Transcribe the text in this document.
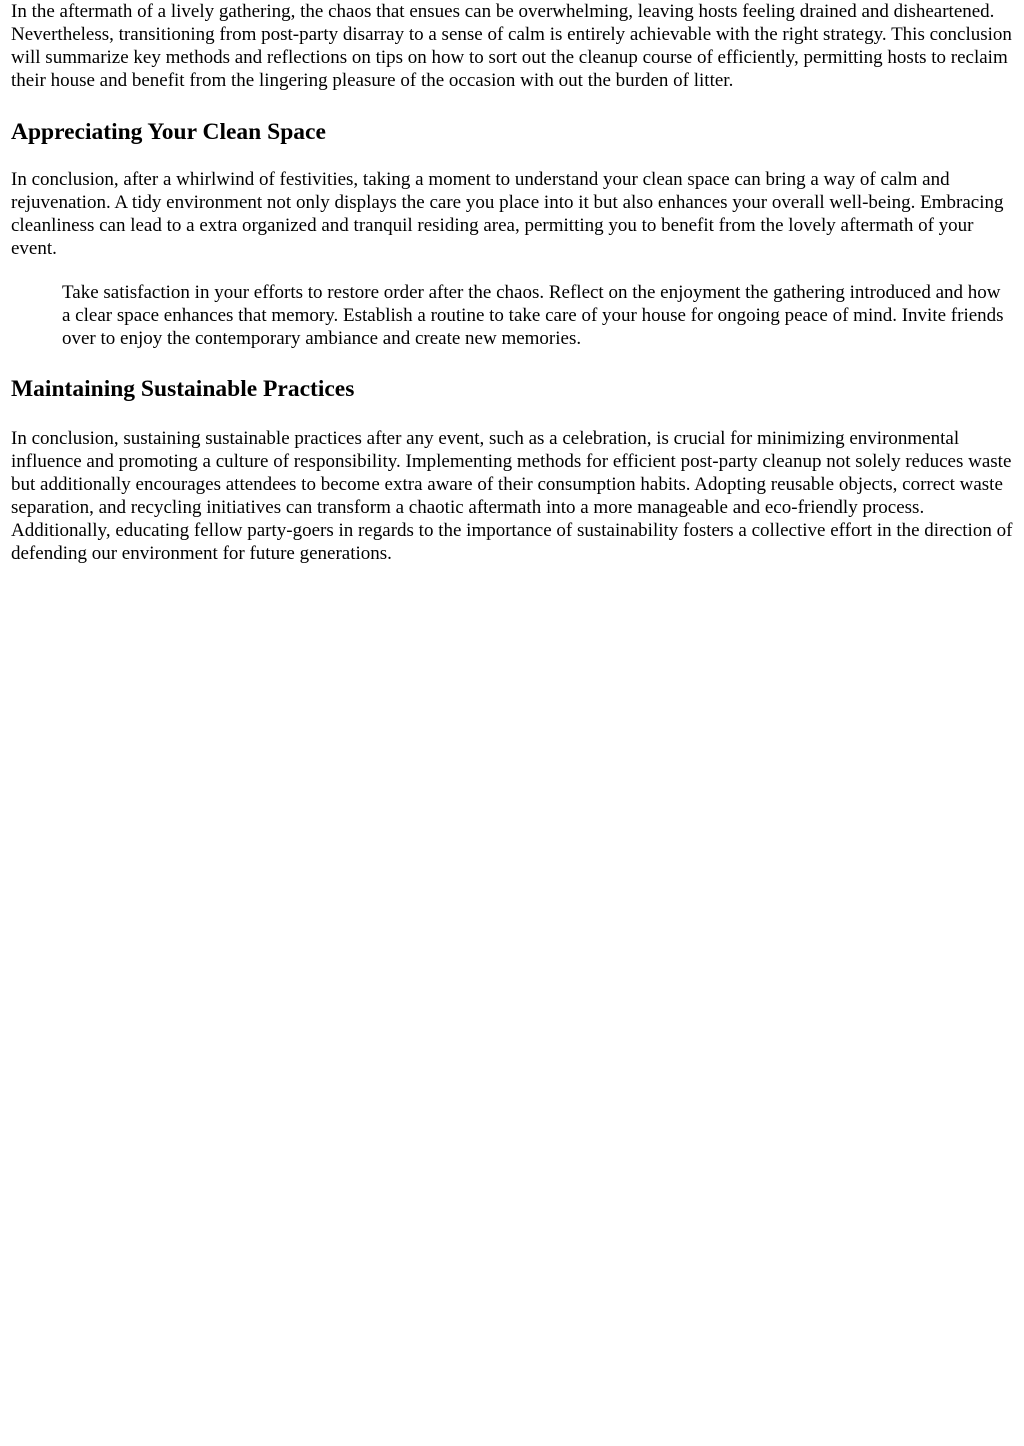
In the aftermath of a lively gathering, the chaos that ensues can be overwhelming, leaving hosts feeling drained and disheartened. Nevertheless, transitioning from post-party disarray to a sense of calm is entirely achievable with the right strategy. This conclusion will summarize key methods and reflections on tips on how to sort out the cleanup course of efficiently, permitting hosts to reclaim their house and benefit from the lingering pleasure of the occasion with out the burden of litter.

Appreciating Your Clean Space

In conclusion, after a whirlwind of festivities, taking a moment to understand your clean space can bring a way of calm and rejuvenation. A tidy environment not only displays the care you place into it but also enhances your overall well-being. Embracing cleanliness can lead to a extra organized and tranquil residing area, permitting you to benefit from the lovely aftermath of your event.

Take satisfaction in your efforts to restore order after the chaos. Reflect on the enjoyment the gathering introduced and how a clear space enhances that memory. Establish a routine to take care of your house for ongoing peace of mind. Invite friends over to enjoy the contemporary ambiance and create new memories.
Maintaining Sustainable Practices

In conclusion, sustaining sustainable practices after any event, such as a celebration, is crucial for minimizing environmental influence and promoting a culture of responsibility. Implementing methods for efficient post-party cleanup not solely reduces waste but additionally encourages attendees to become extra aware of their consumption habits. Adopting reusable objects, correct waste separation, and recycling initiatives can transform a chaotic aftermath into a more manageable and eco-friendly process. Additionally, educating fellow party-goers in regards to the importance of sustainability fosters a collective effort in the direction of defending our environment for future generations.
